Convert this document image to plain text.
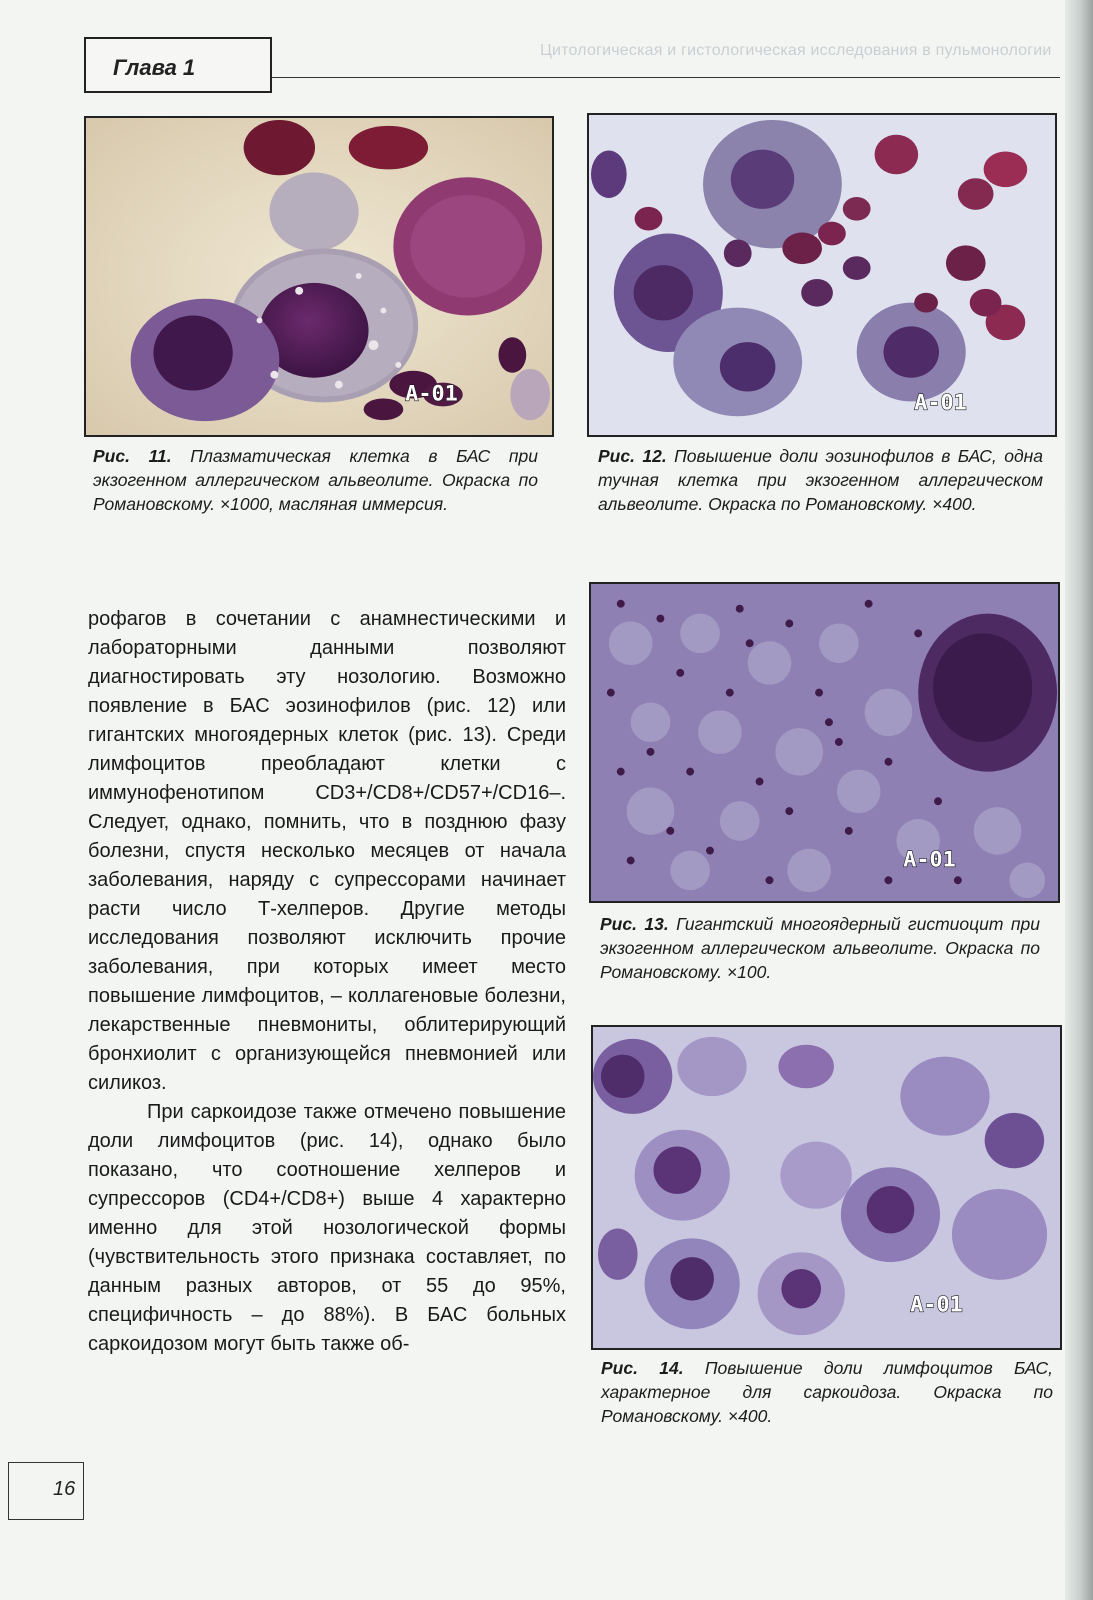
Цитологическая и гистологическая исследования в пульмонологии
Глава 1
A-01
Рис. 11. Плазматическая клетка в БАС при экзогенном аллергическом альвеолите. Окраска по Романовскому. ×1000, масляная иммерсия.
A-01
Рис. 12. Повышение доли эозинофилов в БАС, одна тучная клетка при экзогенном аллергическом альвеолите. Окраска по Романовскому. ×400.
A-01
Рис. 13. Гигантский многоядерный гистиоцит при экзогенном аллергическом альвеолите. Окраска по Романовскому. ×100.
A-01
Рис. 14. Повышение доли лимфоцитов БАС, характерное для саркоидоза. Окраска по Романовскому. ×400.

рофагов в сочетании с анамнестическими и лабораторными данными позволяют диагностировать эту нозологию. Возможно появление в БАС эозинофилов (рис. 12) или гигантских многоядерных клеток (рис. 13). Среди лимфоцитов преобладают клетки с иммунофенотипом CD3+/CD8+/CD57+/CD16–. Следует, однако, помнить, что в позднюю фазу болезни, спустя несколько месяцев от начала заболевания, наряду с супрессорами начинает расти число Т-хелперов. Другие методы исследования позволяют исключить прочие заболевания, при которых имеет место повышение лимфоцитов, – коллагеновые болезни, лекарственные пневмониты, облитерирующий бронхиолит с организующейся пневмонией или силикоз.

При саркоидозе также отмечено повышение доли лимфоцитов (рис. 14), однако было показано, что соотношение хелперов и супрессоров (CD4+/CD8+) выше 4 характерно именно для этой нозологической формы (чувствительность этого признака составляет, по данным разных авторов, от 55 до 95%, специфичность – до 88%). В БАС больных саркоидозом могут быть также об-

16
